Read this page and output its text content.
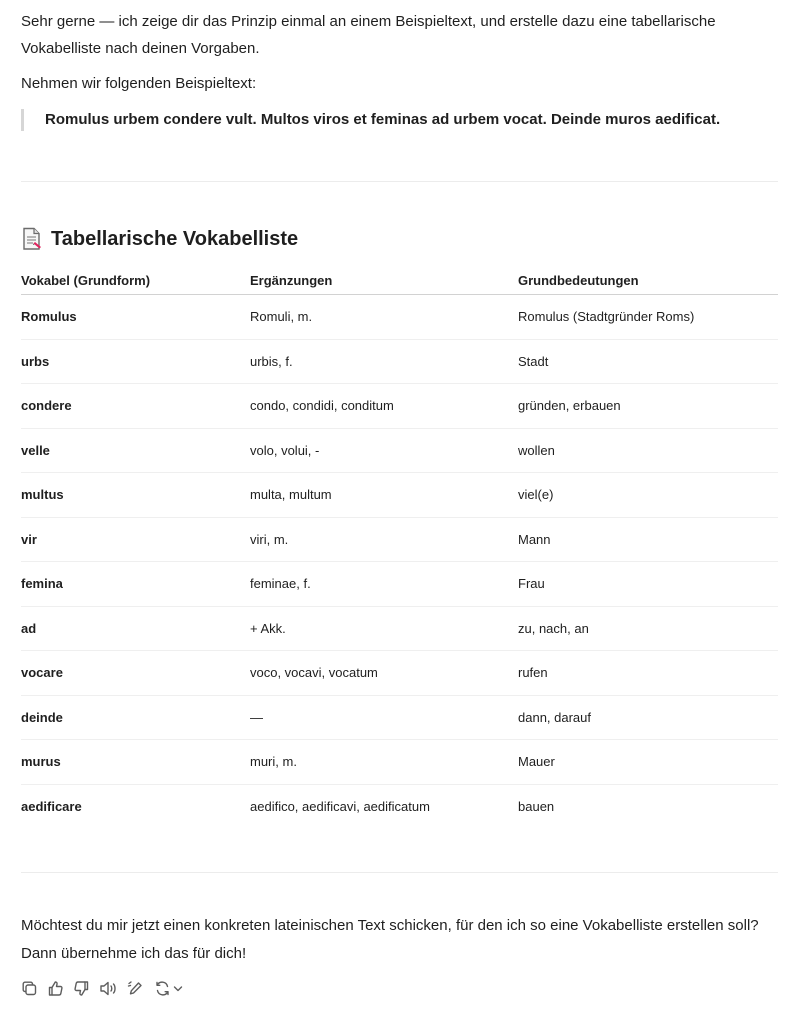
Sehr gerne — ich zeige dir das Prinzip einmal an einem Beispieltext, und erstelle dazu eine tabellarische Vokabelliste nach deinen Vorgaben.

Nehmen wir folgenden Beispieltext:

Romulus urbem condere vult. Multos viros et feminas ad urbem vocat. Deinde muros aedificat.
Tabellarische Vokabelliste
Vokabel (Grundform)	Ergänzungen	Grundbedeutungen
Romulus	Romuli, m.	Romulus (Stadtgründer Roms)
urbs	urbis, f.	Stadt
condere	condo, condidi, conditum	gründen, erbauen
velle	volo, volui, -	wollen
multus	multa, multum	viel(e)
vir	viri, m.	Mann
femina	feminae, f.	Frau
ad	+ Akk.	zu, nach, an
vocare	voco, vocavi, vocatum	rufen
deinde	—	dann, darauf
murus	muri, m.	Mauer
aedificare	aedifico, aedificavi, aedificatum	bauen

Möchtest du mir jetzt einen konkreten lateinischen Text schicken, für den ich so eine Vokabelliste erstellen soll? Dann übernehme ich das für dich!
